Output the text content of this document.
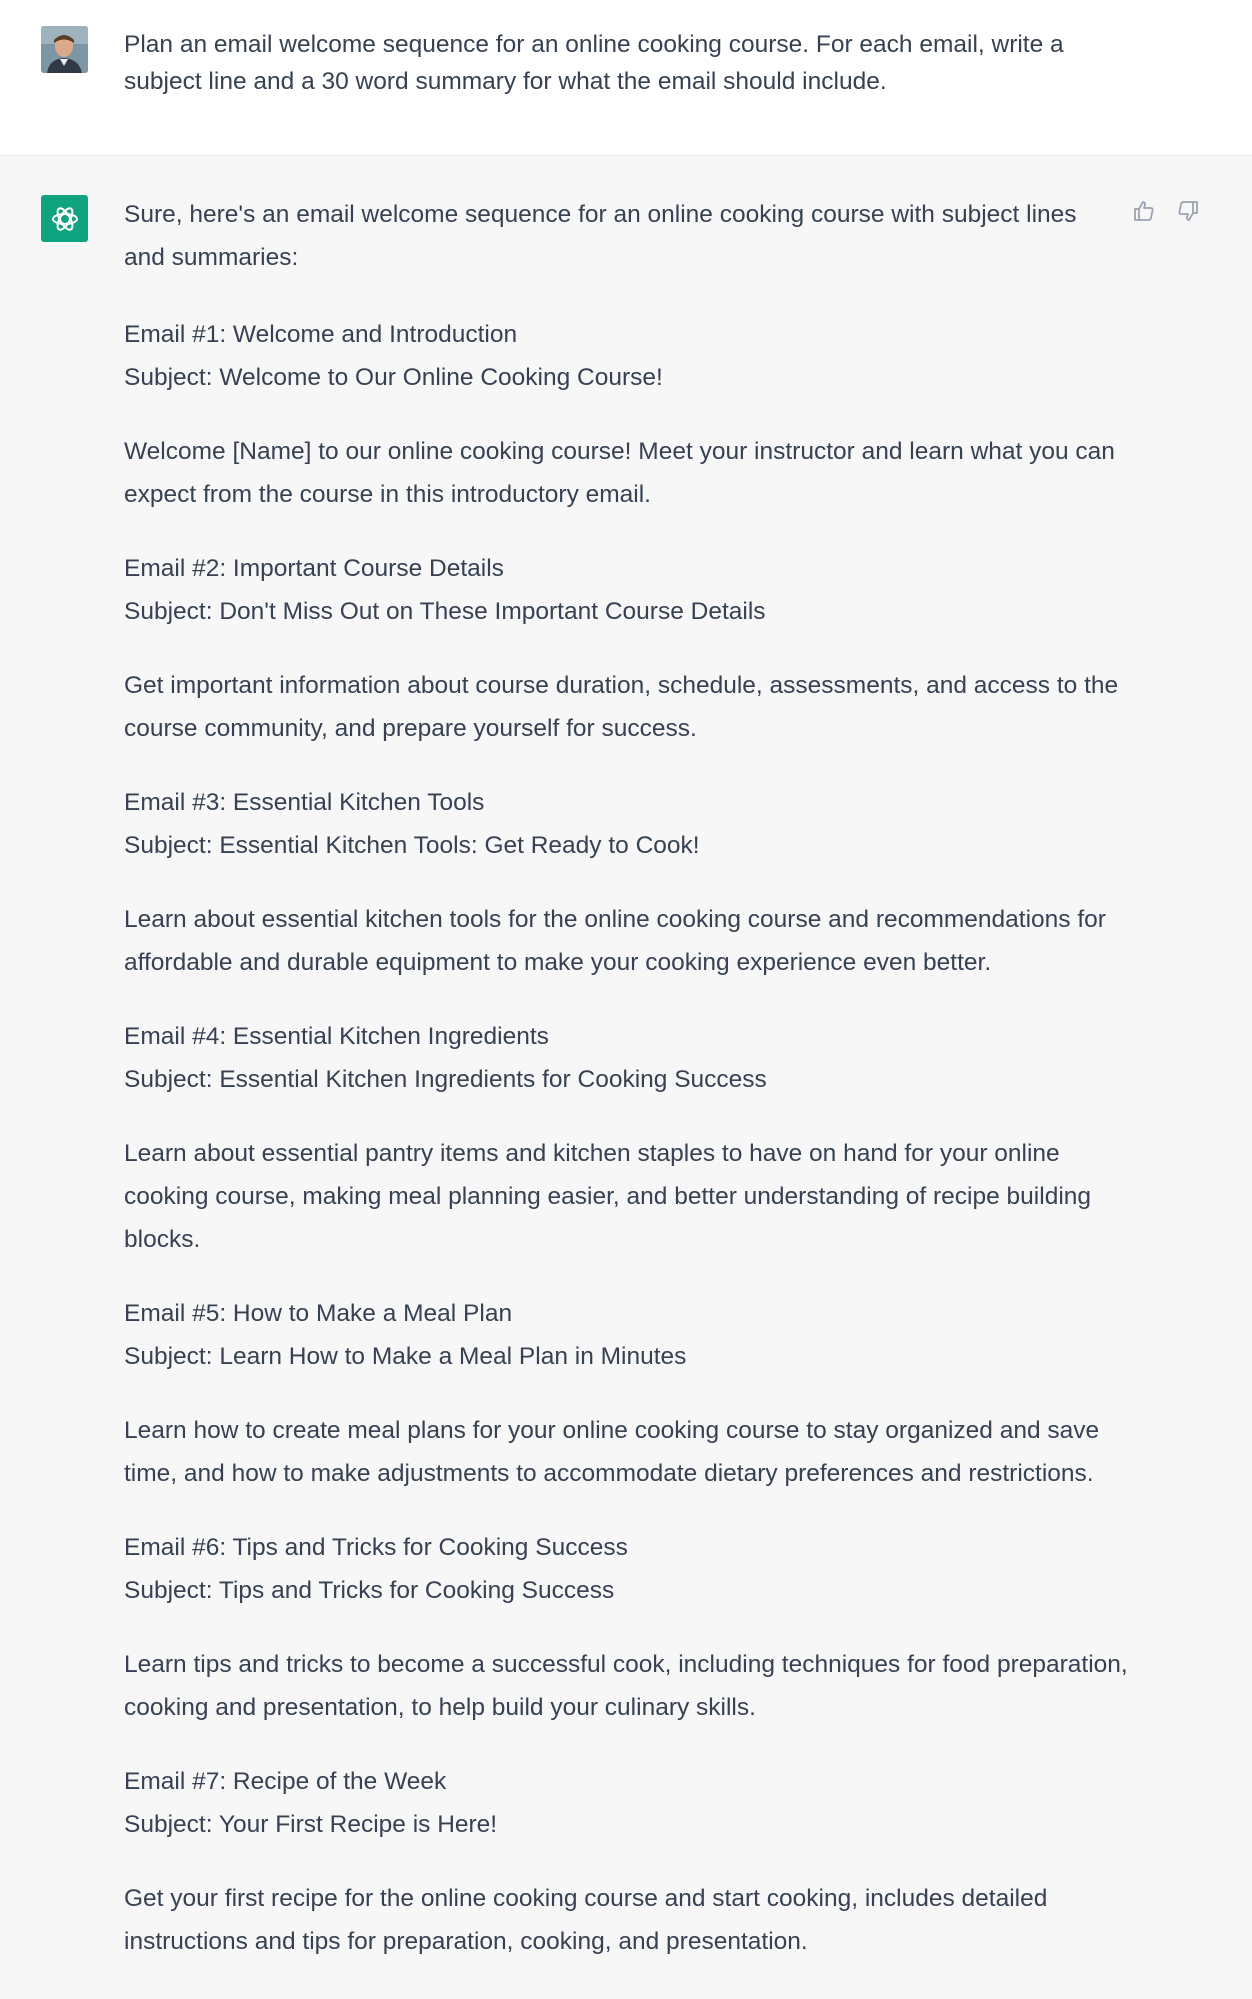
Plan an email welcome sequence for an online cooking course. For each email, write a subject line and a 30 word summary for what the email should include.

Sure, here's an email welcome sequence for an online cooking course with subject lines and summaries:

Email #1: Welcome and Introduction
Subject: Welcome to Our Online Cooking Course!

Welcome [Name] to our online cooking course! Meet your instructor and learn what you can expect from the course in this introductory email.

Email #2: Important Course Details
Subject: Don't Miss Out on These Important Course Details

Get important information about course duration, schedule, assessments, and access to the course community, and prepare yourself for success.

Email #3: Essential Kitchen Tools
Subject: Essential Kitchen Tools: Get Ready to Cook!

Learn about essential kitchen tools for the online cooking course and recommendations for affordable and durable equipment to make your cooking experience even better.

Email #4: Essential Kitchen Ingredients
Subject: Essential Kitchen Ingredients for Cooking Success

Learn about essential pantry items and kitchen staples to have on hand for your online cooking course, making meal planning easier, and better understanding of recipe building blocks.

Email #5: How to Make a Meal Plan
Subject: Learn How to Make a Meal Plan in Minutes

Learn how to create meal plans for your online cooking course to stay organized and save time, and how to make adjustments to accommodate dietary preferences and restrictions.

Email #6: Tips and Tricks for Cooking Success
Subject: Tips and Tricks for Cooking Success

Learn tips and tricks to become a successful cook, including techniques for food preparation, cooking and presentation, to help build your culinary skills.

Email #7: Recipe of the Week
Subject: Your First Recipe is Here!

Get your first recipe for the online cooking course and start cooking, includes detailed instructions and tips for preparation, cooking, and presentation.
